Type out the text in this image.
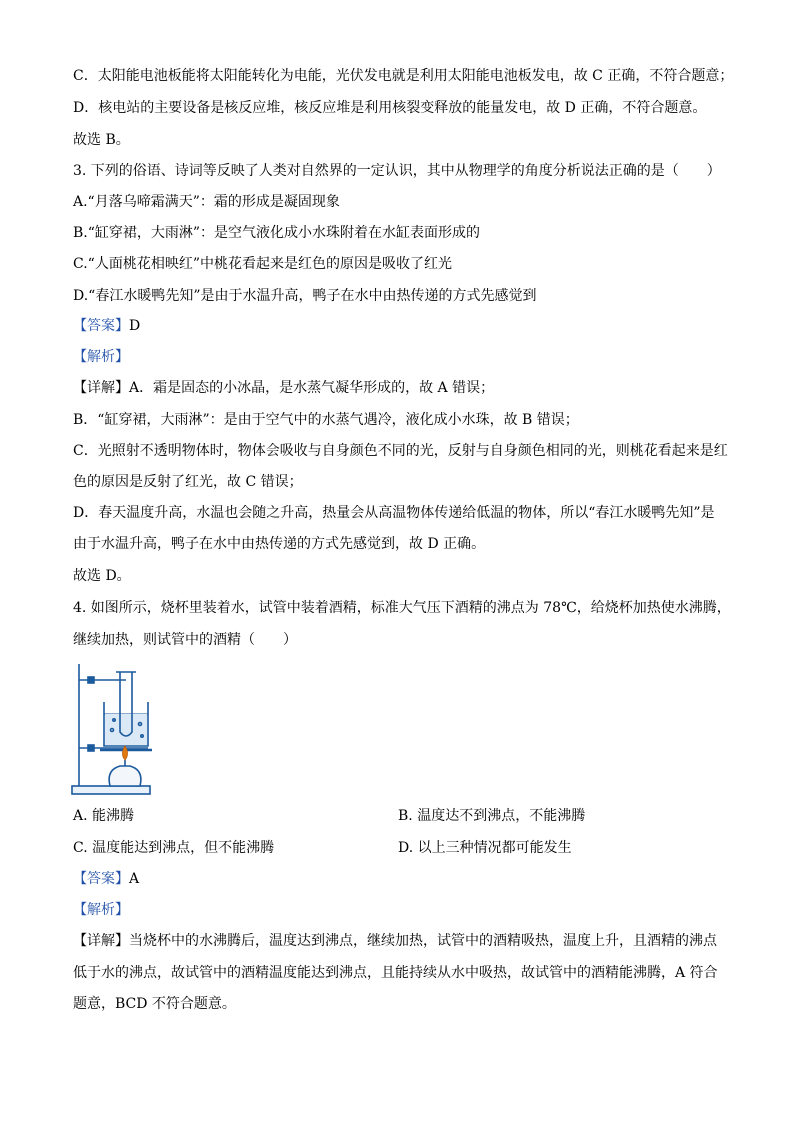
C．太阳能电池板能将太阳能转化为电能，光伏发电就是利用太阳能电池板发电，故 C 正确，不符合题意；
D．核电站的主要设备是核反应堆，核反应堆是利用核裂变释放的能量发电，故 D 正确，不符合题意。
故选 B。
3. 下列的俗语、诗词等反映了人类对自然界的一定认识，其中从物理学的角度分析说法正确的是（　　）
A.“月落乌啼霜满天”：霜的形成是凝固现象
B.“缸穿裙，大雨淋”：是空气液化成小水珠附着在水缸表面形成的
C.“人面桃花相映红”中桃花看起来是红色的原因是吸收了红光
D.“春江水暖鸭先知”是由于水温升高，鸭子在水中由热传递的方式先感觉到
【答案】D
【解析】
【详解】A．霜是固态的小冰晶，是水蒸气凝华形成的，故 A 错误；
B．“缸穿裙，大雨淋”：是由于空气中的水蒸气遇冷，液化成小水珠，故 B 错误；
C．光照射不透明物体时，物体会吸收与自身颜色不同的光，反射与自身颜色相同的光，则桃花看起来是红
色的原因是反射了红光，故 C 错误；
D．春天温度升高，水温也会随之升高，热量会从高温物体传递给低温的物体，所以“春江水暖鸭先知”是
由于水温升高，鸭子在水中由热传递的方式先感觉到，故 D 正确。
故选 D。
4. 如图所示，烧杯里装着水，试管中装着酒精，标准大气压下酒精的沸点为 78℃，给烧杯加热使水沸腾，
继续加热，则试管中的酒精（　　）
A. 能沸腾	B. 温度达不到沸点，不能沸腾
C. 温度能达到沸点，但不能沸腾	D. 以上三种情况都可能发生
【答案】A
【解析】
【详解】当烧杯中的水沸腾后，温度达到沸点，继续加热，试管中的酒精吸热，温度上升，且酒精的沸点
低于水的沸点，故试管中的酒精温度能达到沸点，且能持续从水中吸热，故试管中的酒精能沸腾，A 符合
题意，BCD 不符合题意。
